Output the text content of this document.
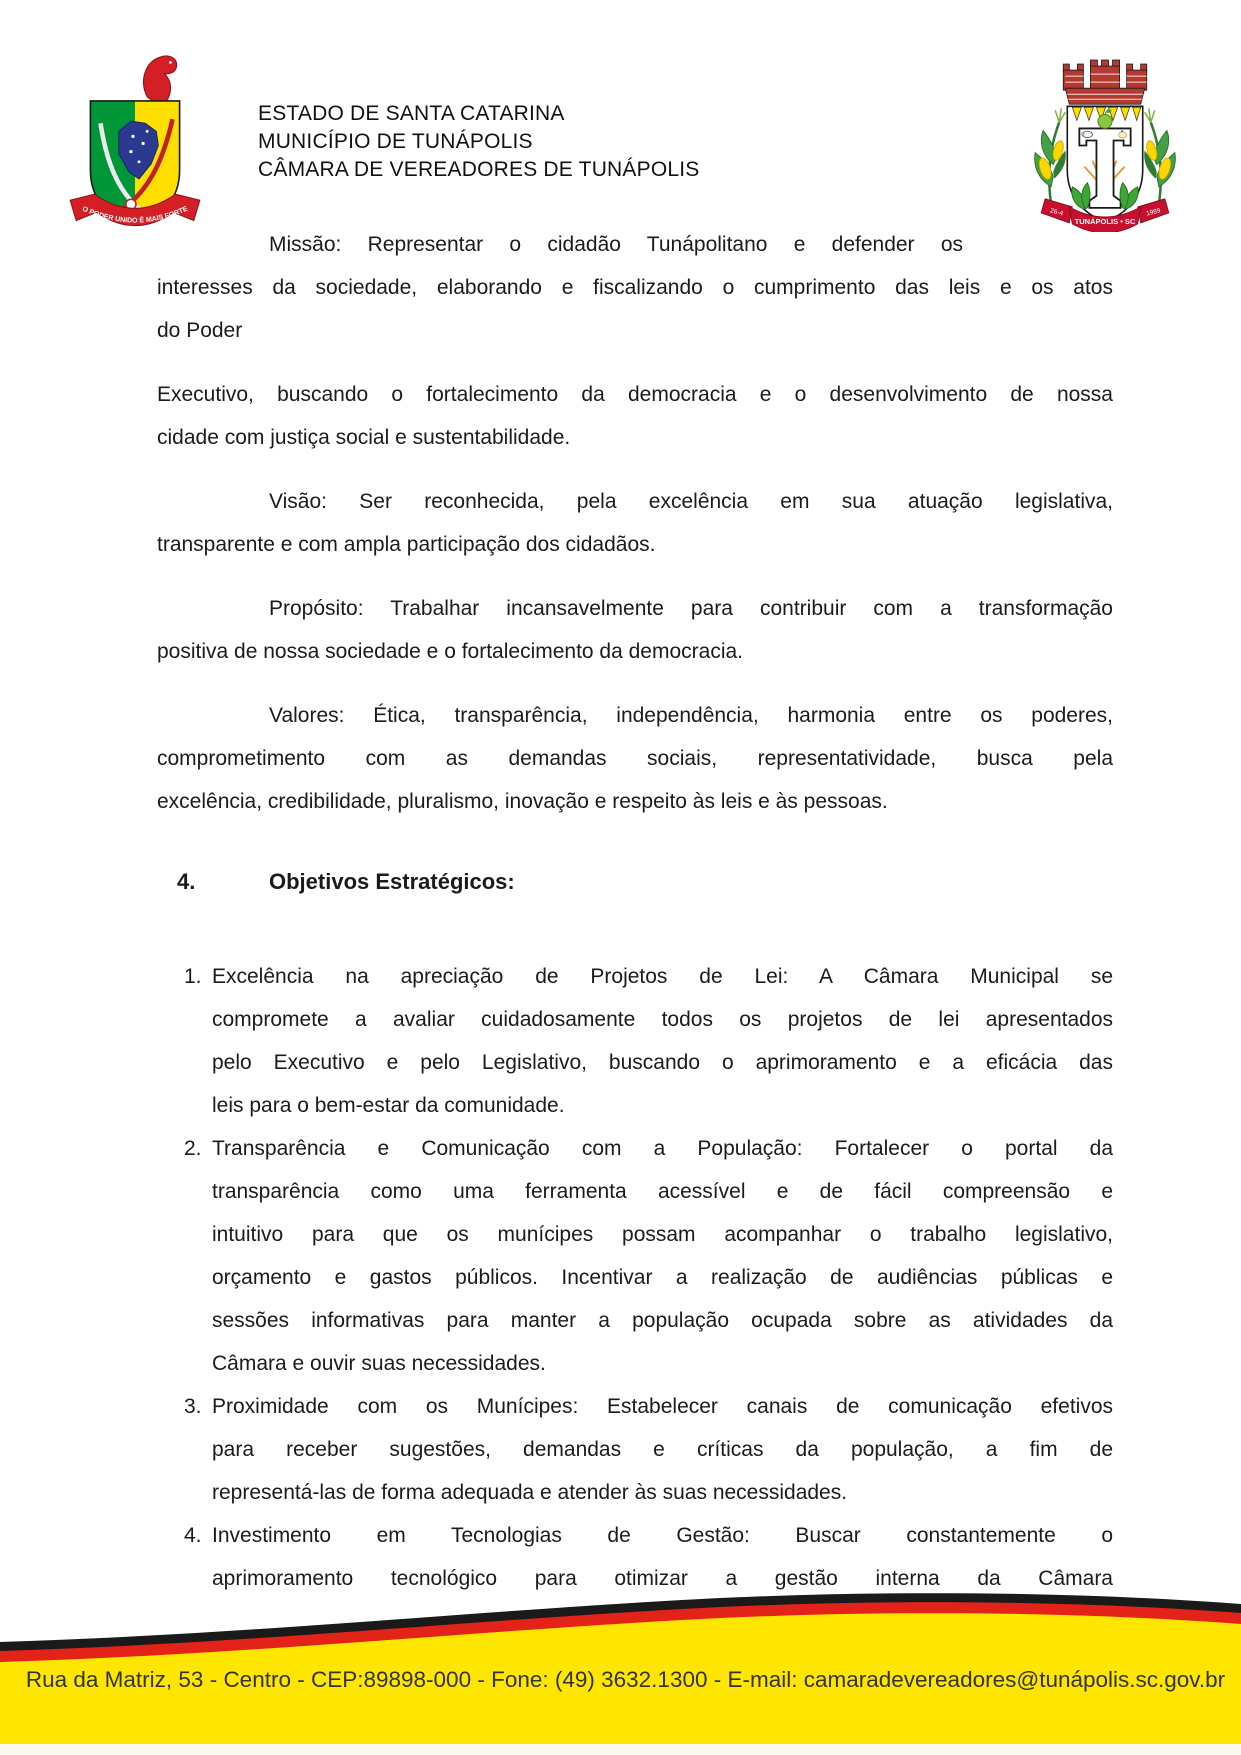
O PODER UNIDO É MAIS FORTE
ESTADO DE SANTA CATARINA
MUNICÍPIO DE TUNÁPOLIS
CÂMARA DE VEREADORES DE TUNÁPOLIS
26-4	1989
TUNÁPOLIS • SC
Missão: Representar o cidadão Tunápolitano e defender os
interesses da sociedade, elaborando e fiscalizando o cumprimento das leis e os atos
do Poder
Executivo, buscando o fortalecimento da democracia e o desenvolvimento de nossa
cidade com justiça social e sustentabilidade.
Visão: Ser reconhecida, pela excelência em sua atuação legislativa,
transparente e com ampla participação dos cidadãos.
Propósito: Trabalhar incansavelmente para contribuir com a transformação
positiva de nossa sociedade e o fortalecimento da democracia.
Valores: Ética, transparência, independência, harmonia entre os poderes,
comprometimento com as demandas sociais, representatividade, busca pela
excelência, credibilidade, pluralismo, inovação e respeito às leis e às pessoas.
4.	Objetivos Estratégicos:
1. Excelência na apreciação de Projetos de Lei: A Câmara Municipal se
compromete a avaliar cuidadosamente todos os projetos de lei apresentados
pelo Executivo e pelo Legislativo, buscando o aprimoramento e a eficácia das
leis para o bem-estar da comunidade.
2. Transparência e Comunicação com a População: Fortalecer o portal da
transparência como uma ferramenta acessível e de fácil compreensão e
intuitivo para que os munícipes possam acompanhar o trabalho legislativo,
orçamento e gastos públicos. Incentivar a realização de audiências públicas e
sessões informativas para manter a população ocupada sobre as atividades da
Câmara e ouvir suas necessidades.
3. Proximidade com os Munícipes: Estabelecer canais de comunicação efetivos
para receber sugestões, demandas e críticas da população, a fim de
representá-las de forma adequada e atender às suas necessidades.
4. Investimento em Tecnologias de Gestão: Buscar constantemente o
aprimoramento tecnológico para otimizar a gestão interna da Câmara
Rua da Matriz, 53 - Centro - CEP:89898-000 - Fone: (49) 3632.1300 - E-mail: camaradevereadores@tunápolis.sc.gov.br
